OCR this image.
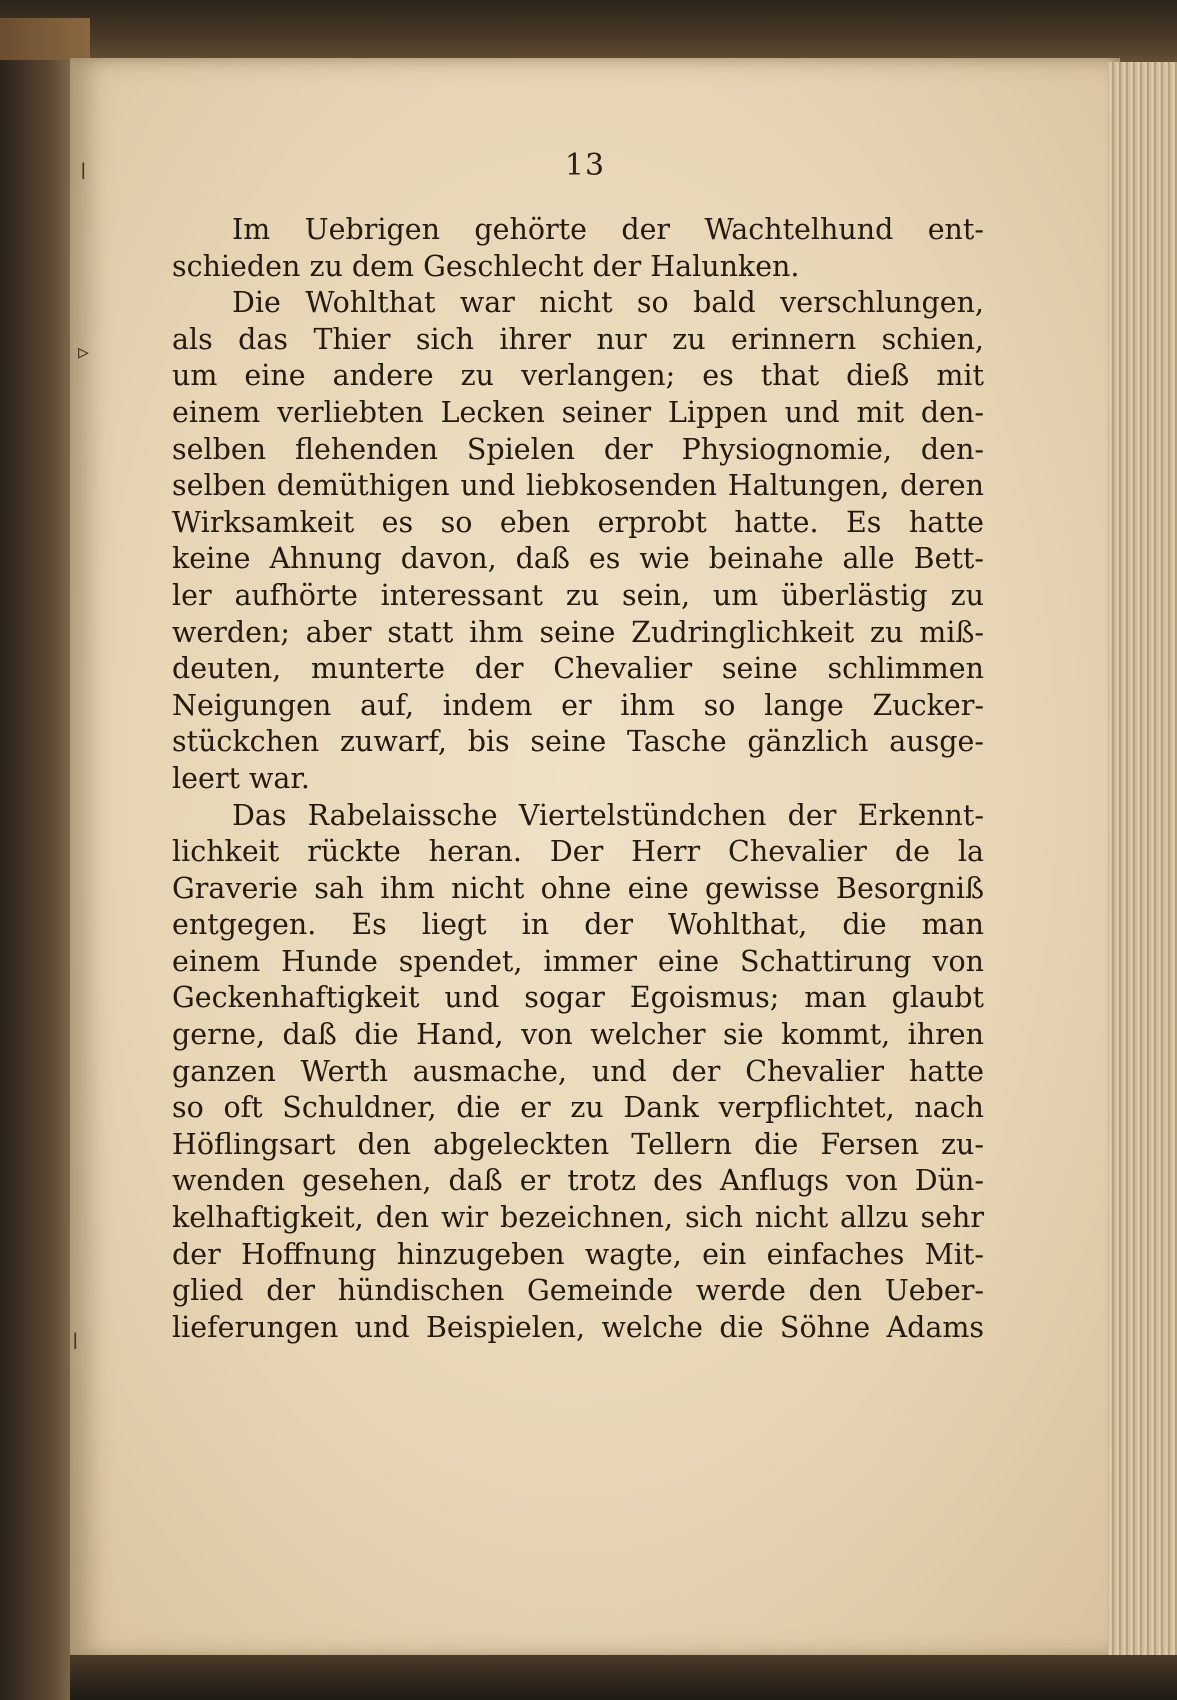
ǀ
▹
ǀ
13
Im Uebrigen gehörte der Wachtelhund ent-
schieden zu dem Geschlecht der Halunken.
Die Wohlthat war nicht so bald verschlungen,
als das Thier sich ihrer nur zu erinnern schien,
um eine andere zu verlangen; es that dieß mit
einem verliebten Lecken seiner Lippen und mit den-
selben flehenden Spielen der Physiognomie, den-
selben demüthigen und liebkosenden Haltungen, deren
Wirksamkeit es so eben erprobt hatte. Es hatte
keine Ahnung davon, daß es wie beinahe alle Bett-
ler aufhörte interessant zu sein, um überlästig zu
werden; aber statt ihm seine Zudringlichkeit zu miß-
deuten, munterte der Chevalier seine schlimmen
Neigungen auf, indem er ihm so lange Zucker-
stückchen zuwarf, bis seine Tasche gänzlich ausge-
leert war.
Das Rabelaissche Viertelstündchen der Erkennt-
lichkeit rückte heran. Der Herr Chevalier de la
Graverie sah ihm nicht ohne eine gewisse Besorgniß
entgegen. Es liegt in der Wohlthat, die man
einem Hunde spendet, immer eine Schattirung von
Geckenhaftigkeit und sogar Egoismus; man glaubt
gerne, daß die Hand, von welcher sie kommt, ihren
ganzen Werth ausmache, und der Chevalier hatte
so oft Schuldner, die er zu Dank verpflichtet, nach
Höflingsart den abgeleckten Tellern die Fersen zu-
wenden gesehen, daß er trotz des Anflugs von Dün-
kelhaftigkeit, den wir bezeichnen, sich nicht allzu sehr
der Hoffnung hinzugeben wagte, ein einfaches Mit-
glied der hündischen Gemeinde werde den Ueber-
lieferungen und Beispielen, welche die Söhne Adams
